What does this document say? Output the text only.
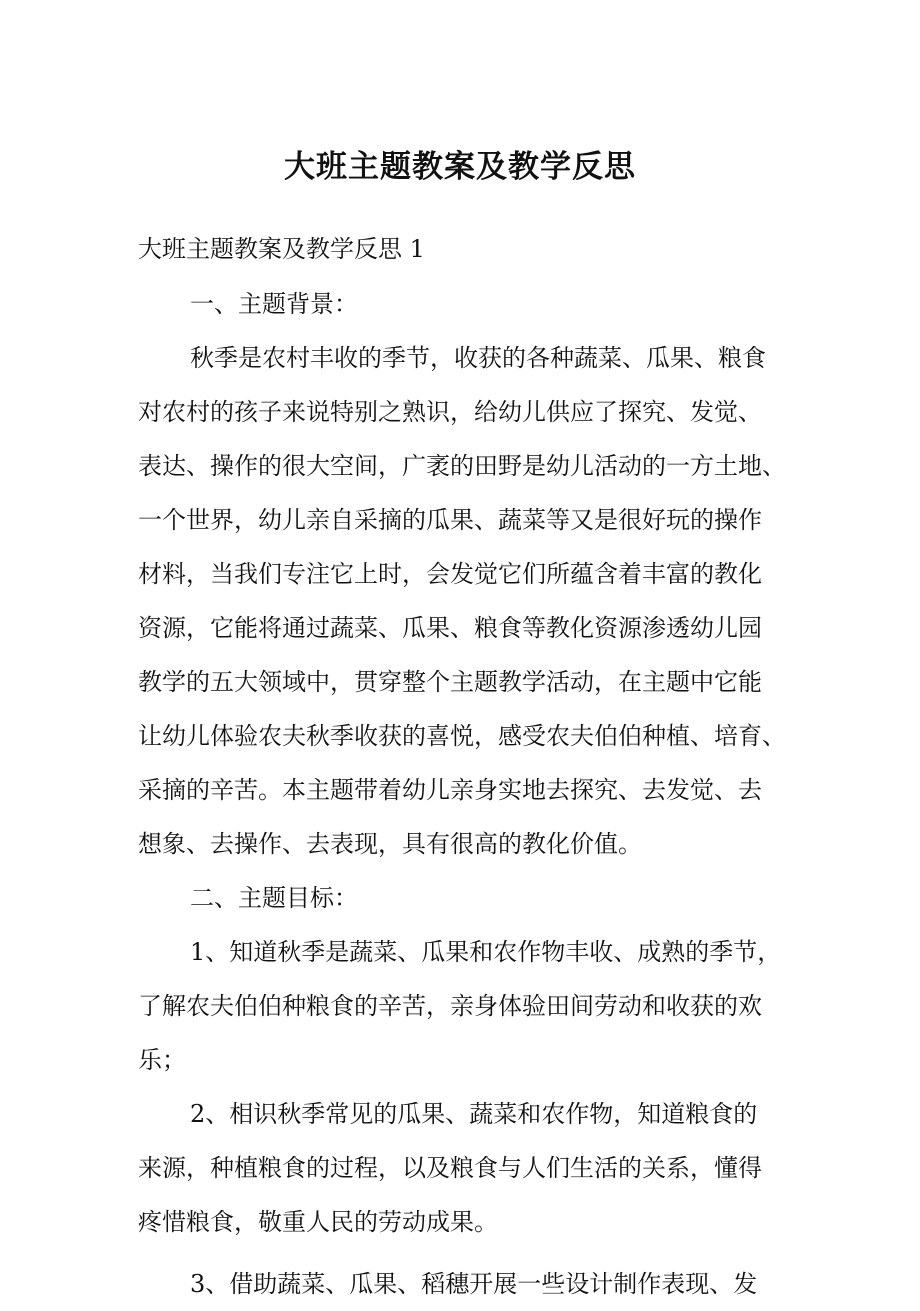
大班主题教案及教学反思
大班主题教案及教学反思 1
一、主题背景：
秋季是农村丰收的季节，收获的各种蔬菜、瓜果、粮食
对农村的孩子来说特别之熟识，给幼儿供应了探究、发觉、
表达、操作的很大空间，广袤的田野是幼儿活动的一方土地、
一个世界，幼儿亲自采摘的瓜果、蔬菜等又是很好玩的操作
材料，当我们专注它上时，会发觉它们所蕴含着丰富的教化
资源，它能将通过蔬菜、瓜果、粮食等教化资源渗透幼儿园
教学的五大领域中，贯穿整个主题教学活动，在主题中它能
让幼儿体验农夫秋季收获的喜悦，感受农夫伯伯种植、培育、
采摘的辛苦。本主题带着幼儿亲身实地去探究、去发觉、去
想象、去操作、去表现，具有很高的教化价值。
二、主题目标：
1、知道秋季是蔬菜、瓜果和农作物丰收、成熟的季节，
了解农夫伯伯种粮食的辛苦，亲身体验田间劳动和收获的欢
乐；
2、相识秋季常见的瓜果、蔬菜和农作物，知道粮食的
来源，种植粮食的过程，以及粮食与人们生活的关系，懂得
疼惜粮食，敬重人民的劳动成果。
3、借助蔬菜、瓜果、稻穗开展一些设计制作表现、发
